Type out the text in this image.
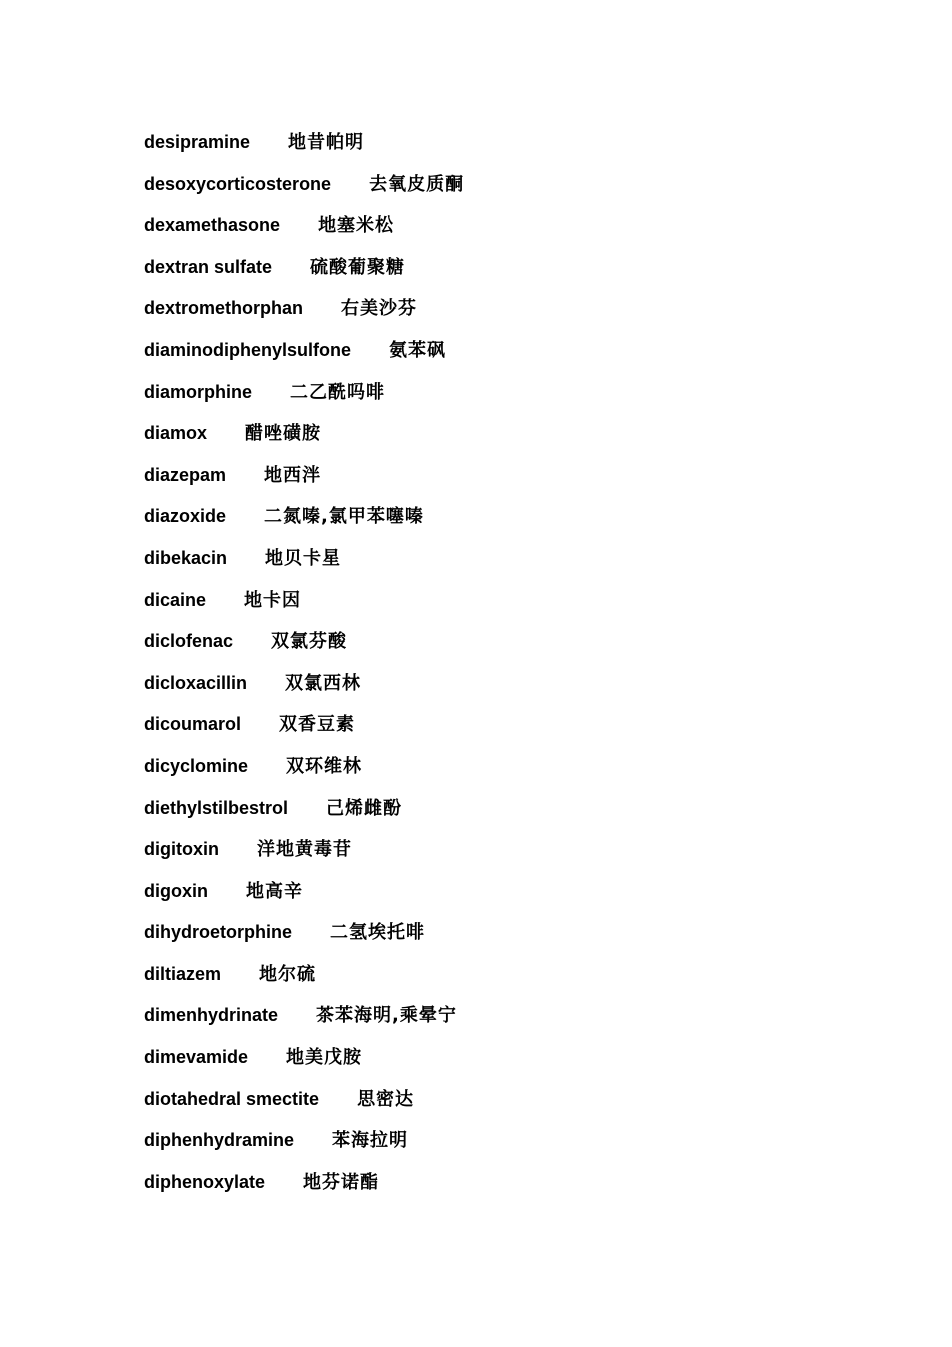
desipramine 地昔帕明
desoxycorticosterone 去氧皮质酮
dexamethasone 地塞米松
dextran sulfate 硫酸葡聚糖
dextromethorphan 右美沙芬
diaminodiphenylsulfone 氨苯砜
diamorphine 二乙酰吗啡
diamox 醋唑磺胺
diazepam 地西泮
diazoxide 二氮嗪,氯甲苯噻嗪
dibekacin 地贝卡星
dicaine 地卡因
diclofenac 双氯芬酸
dicloxacillin 双氯西林
dicoumarol 双香豆素
dicyclomine 双环维林
diethylstilbestrol 己烯雌酚
digitoxin 洋地黄毒苷
digoxin 地高辛
dihydroetorphine 二氢埃托啡
diltiazem 地尔硫
dimenhydrinate 茶苯海明,乘晕宁
dimevamide 地美戊胺
diotahedral smectite 思密达
diphenhydramine 苯海拉明
diphenoxylate 地芬诺酯
